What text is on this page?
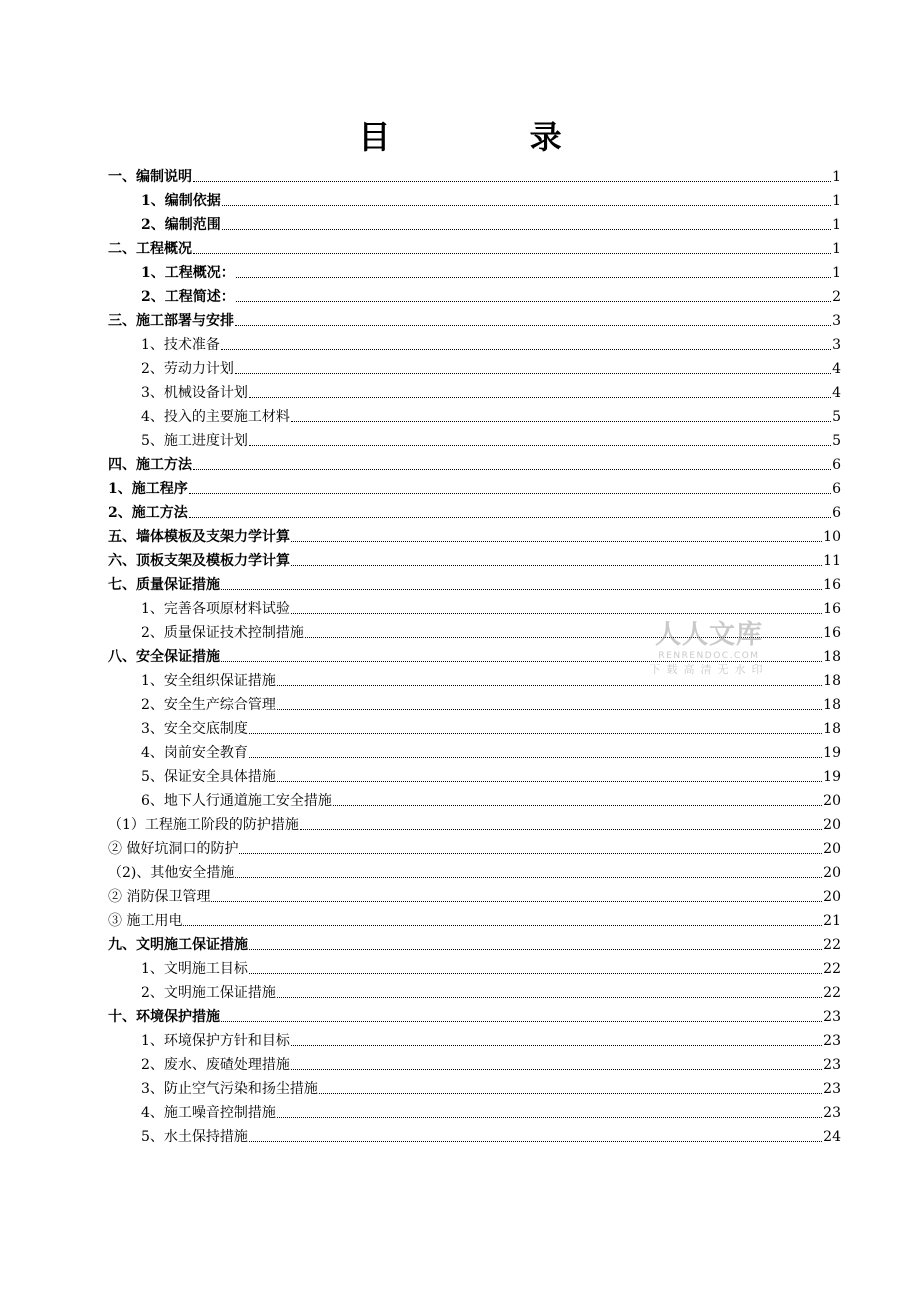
目 录
一、编制说明	1
1、编制依据	1
2、编制范围	1
二、工程概况	1
1、工程概况：	1
2、工程简述：	2
三、施工部署与安排	3
1、技术准备	3
2、劳动力计划	4
3、机械设备计划	4
4、投入的主要施工材料	5
5、施工进度计划	5
四、施工方法	6
1、施工程序	6
2、施工方法	6
五、墙体模板及支架力学计算	10
六、顶板支架及模板力学计算	11
七、质量保证措施	16
1、完善各项原材料试验	16
2、质量保证技术控制措施	16
八、安全保证措施	18
1、安全组织保证措施	18
2、安全生产综合管理	18
3、安全交底制度	18
4、岗前安全教育	19
5、保证安全具体措施	19
6、地下人行通道施工安全措施	20
（1）工程施工阶段的防护措施	20
② 做好坑洞口的防护	20
（2)、其他安全措施	20
② 消防保卫管理	20
③ 施工用电	21
九、文明施工保证措施	22
1、文明施工目标	22
2、文明施工保证措施	22
十、环境保护措施	23
1、环境保护方针和目标	23
2、废水、废碴处理措施	23
3、防止空气污染和扬尘措施	23
4、施工噪音控制措施	23
5、水土保持措施	24
人人文库
RENRENDOC.COM
下载高清无水印
